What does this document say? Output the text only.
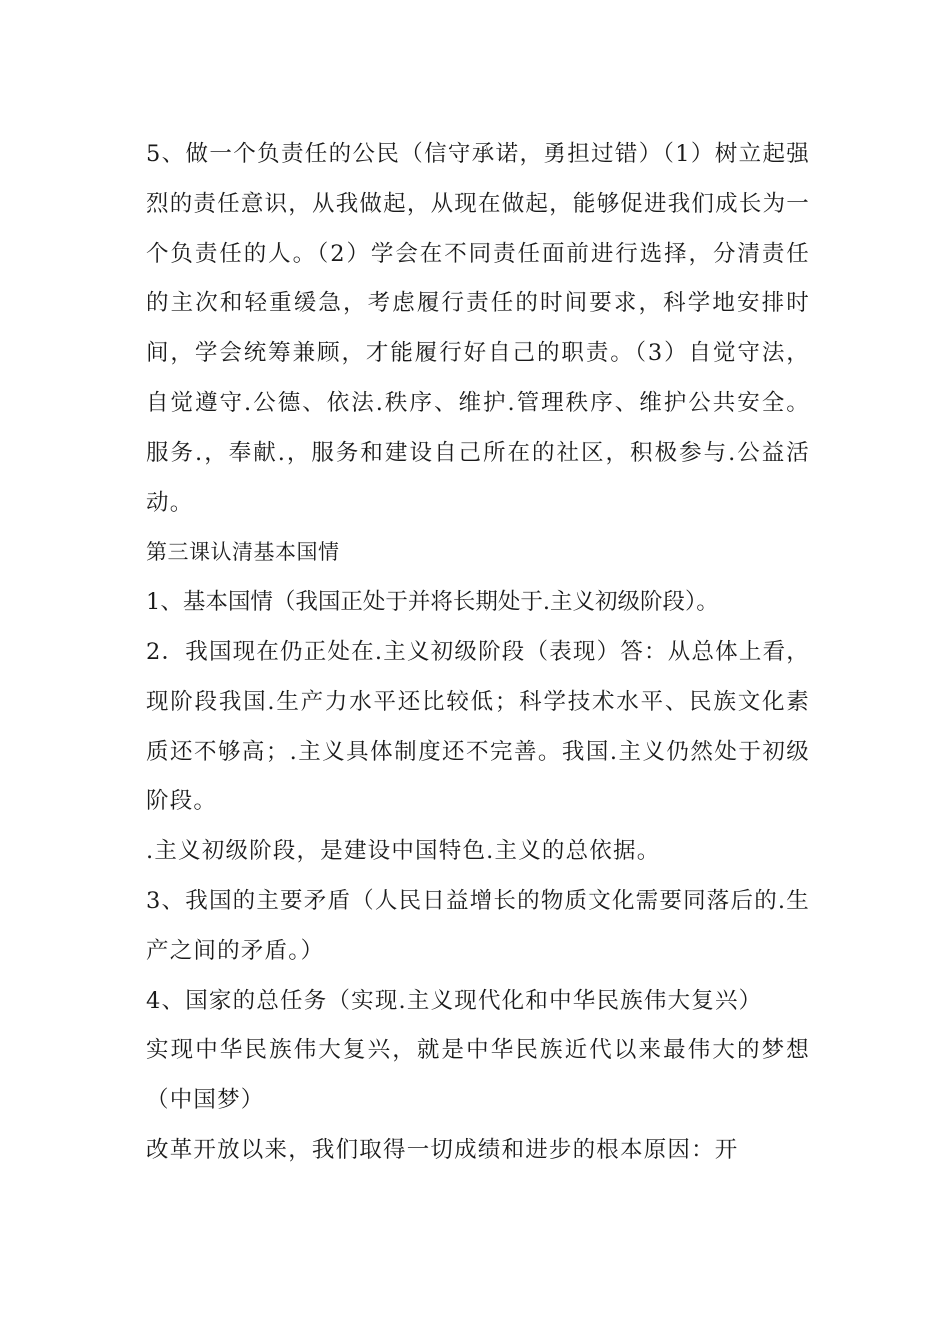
5、做一个负责任的公民（信守承诺，勇担过错）（1）树立起强烈的责任意识，从我做起，从现在做起，能够促进我们成长为一个负责任的人。（2）学会在不同责任面前进行选择，分清责任的主次和轻重缓急，考虑履行责任的时间要求，科学地安排时间，学会统筹兼顾，才能履行好自己的职责。（3）自觉守法，自觉遵守.公德、依法.秩序、维护.管理秩序、维护公共安全。服务.，奉献.，服务和建设自己所在的社区，积极参与.公益活动。

第三课认清基本国情

1、基本国情（我国正处于并将长期处于.主义初级阶段）。

2．我国现在仍正处在.主义初级阶段（表现）答：从总体上看，现阶段我国.生产力水平还比较低；科学技术水平、民族文化素质还不够高；.主义具体制度还不完善。我国.主义仍然处于初级阶段。

.主义初级阶段，是建设中国特色.主义的总依据。

3、我国的主要矛盾（人民日益增长的物质文化需要同落后的.生产之间的矛盾。）

4、国家的总任务（实现.主义现代化和中华民族伟大复兴）

实现中华民族伟大复兴，就是中华民族近代以来最伟大的梦想（中国梦）

改革开放以来，我们取得一切成绩和进步的根本原因：开
